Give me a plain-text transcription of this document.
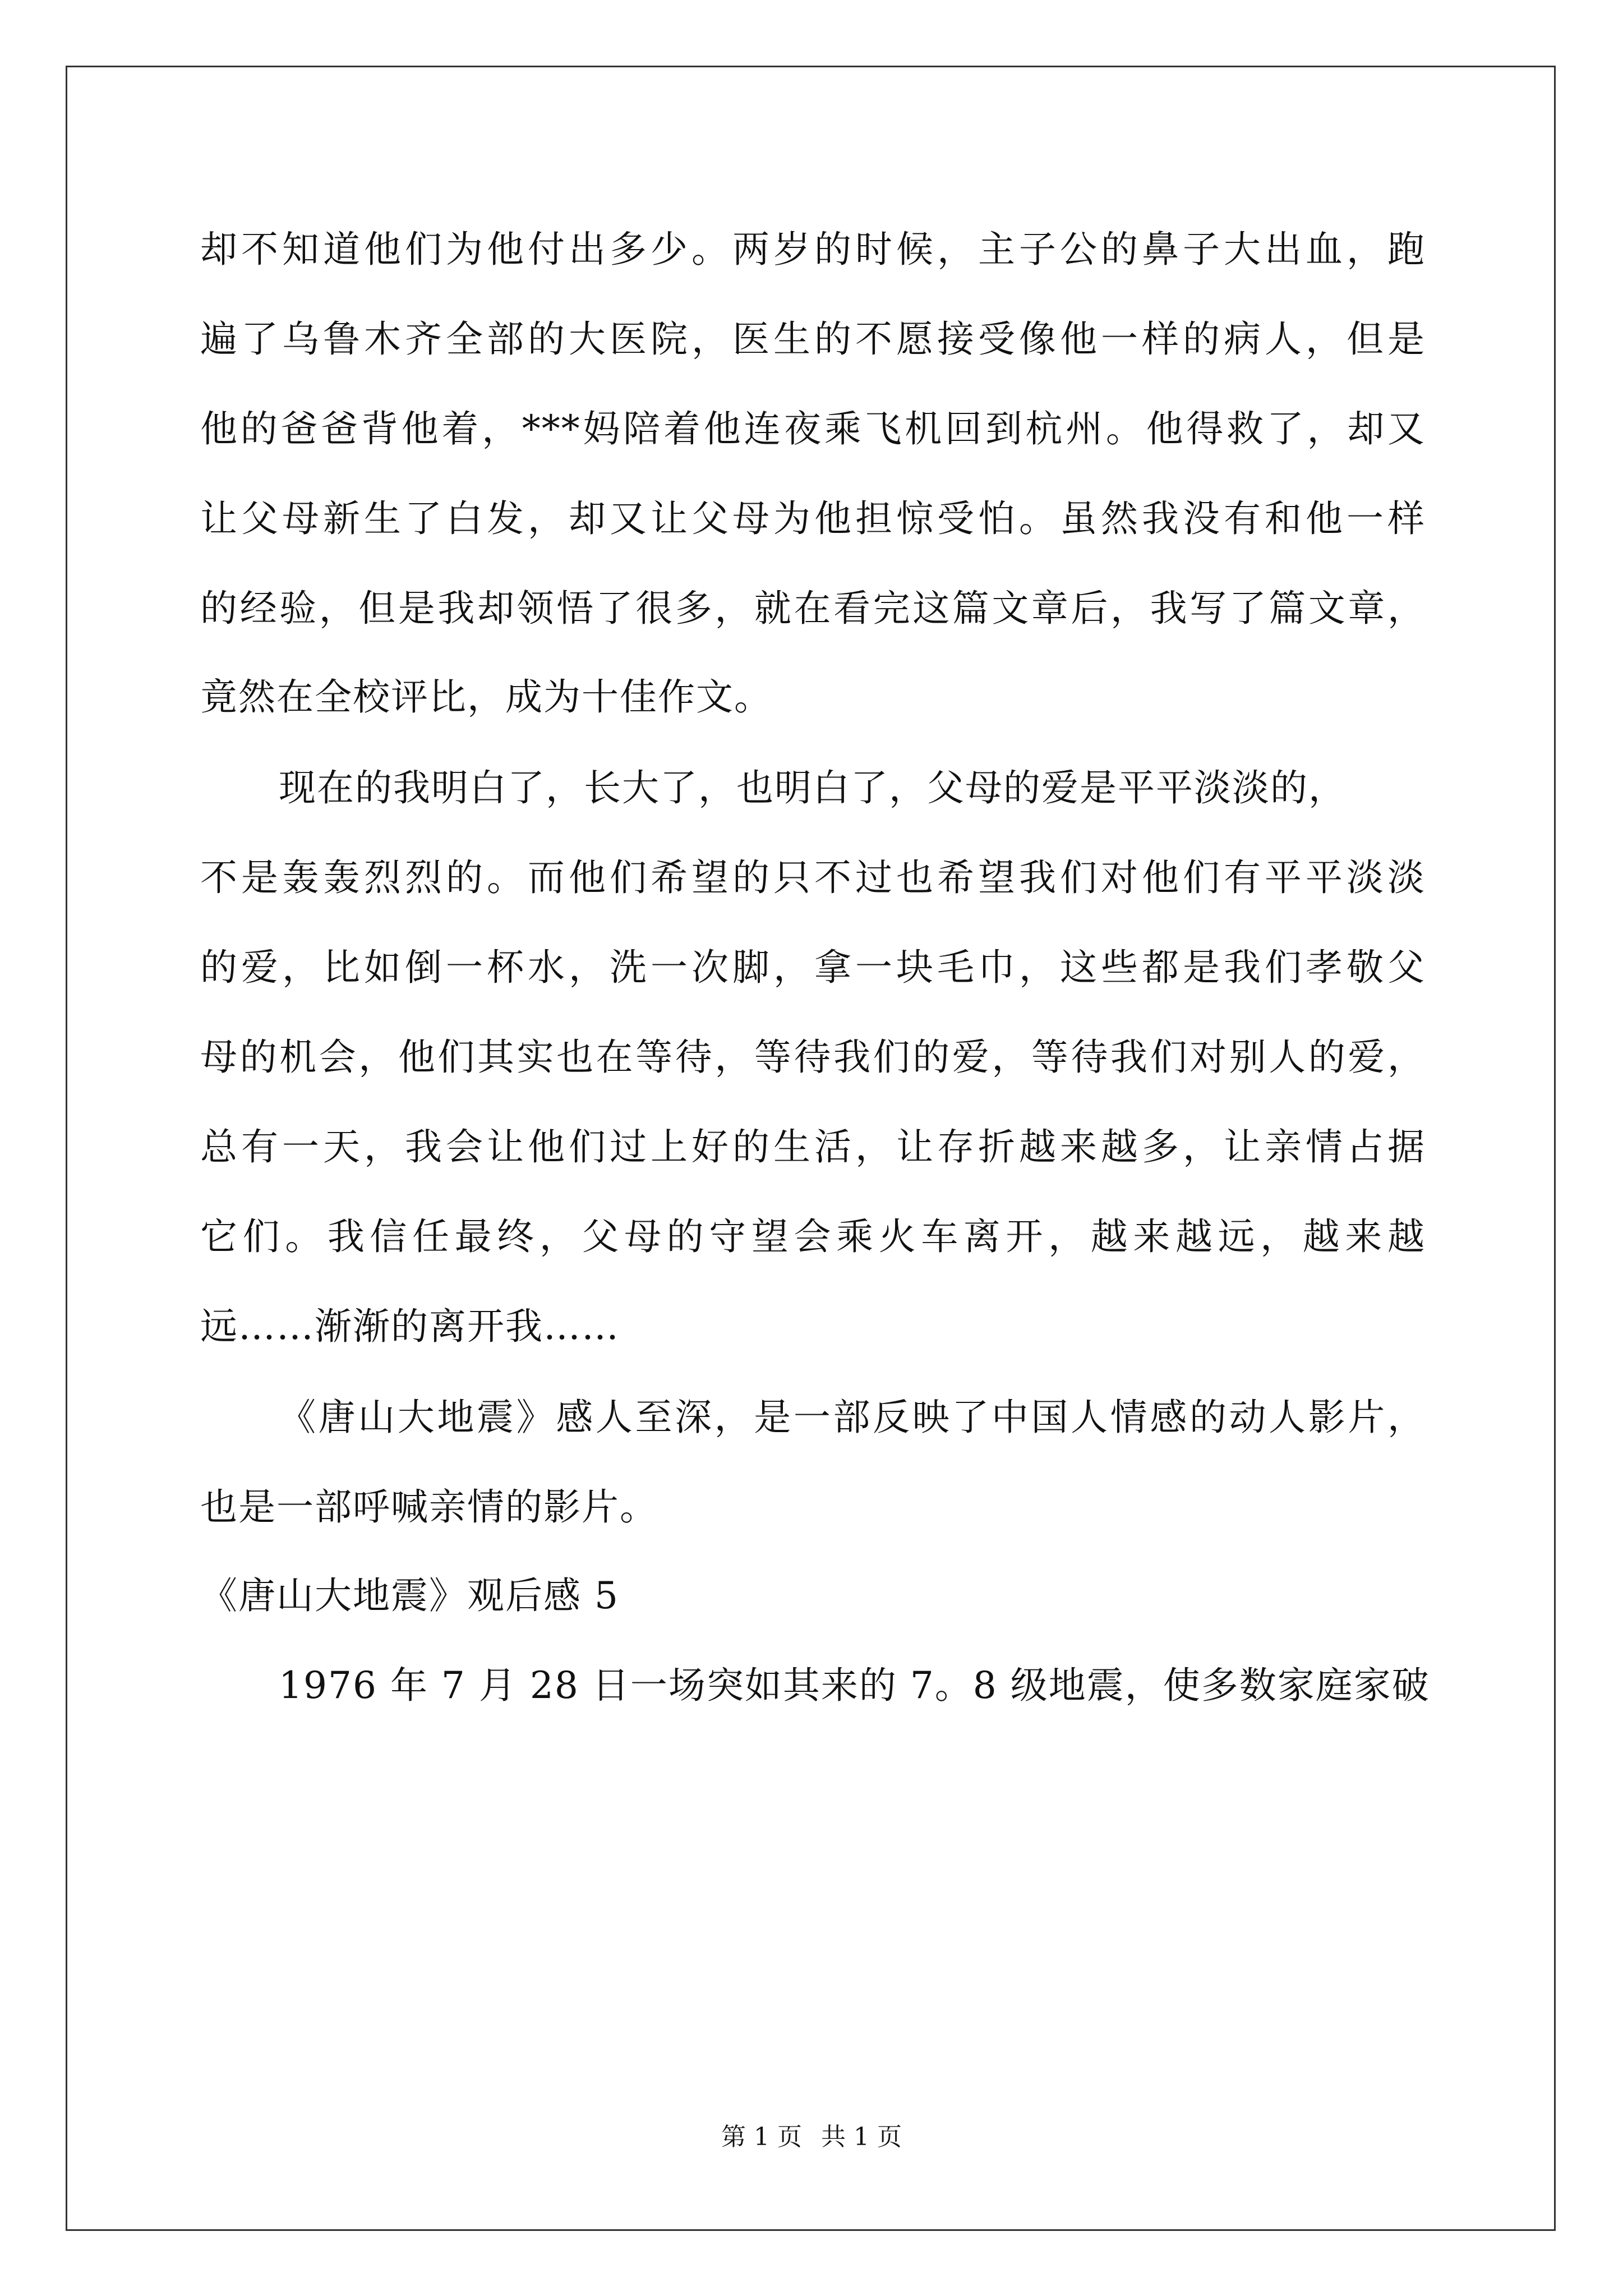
却不知道他们为他付出多少。两岁的时候，主子公的鼻子大出血，跑
遍了乌鲁木齐全部的大医院，医生的不愿接受像他一样的病人，但是
他的爸爸背他着，***妈陪着他连夜乘飞机回到杭州。他得救了，却又
让父母新生了白发，却又让父母为他担惊受怕。虽然我没有和他一样
的经验，但是我却领悟了很多，就在看完这篇文章后，我写了篇文章，
竟然在全校评比，成为十佳作文。
现在的我明白了，长大了，也明白了，父母的爱是平平淡淡的，
不是轰轰烈烈的。而他们希望的只不过也希望我们对他们有平平淡淡
的爱，比如倒一杯水，洗一次脚，拿一块毛巾，这些都是我们孝敬父
母的机会，他们其实也在等待，等待我们的爱，等待我们对别人的爱，
总有一天，我会让他们过上好的生活，让存折越来越多，让亲情占据
它们。我信任最终，父母的守望会乘火车离开，越来越远，越来越
远……渐渐的离开我……
《唐山大地震》感人至深，是一部反映了中国人情感的动人影片，
也是一部呼喊亲情的影片。
《唐山大地震》观后感 5
1976 年 7 月 28 日一场突如其来的 7。8 级地震，使多数家庭家破
第 1 页 共 1 页
